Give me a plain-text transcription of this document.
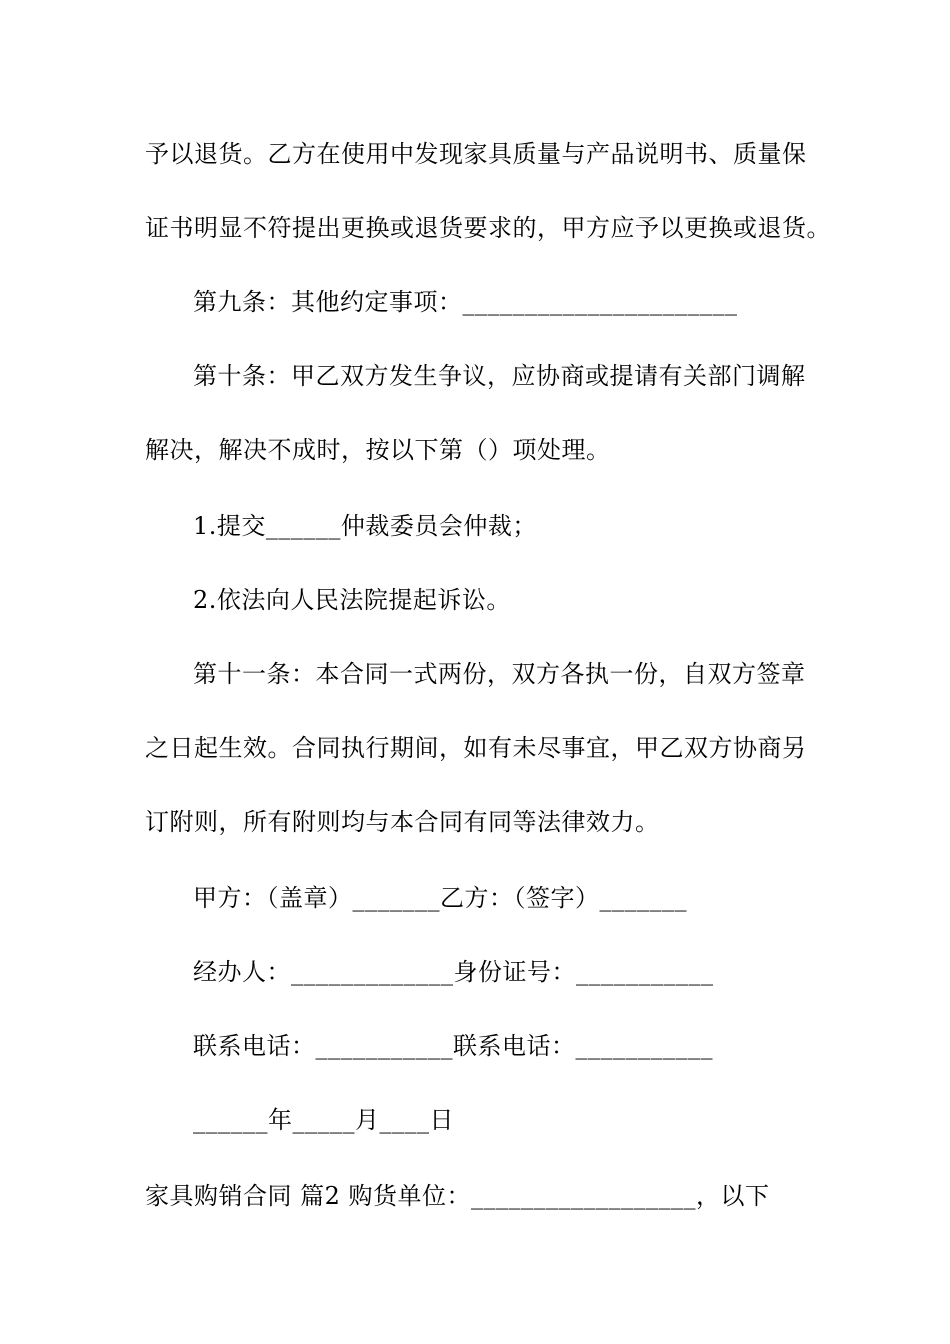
予以退货。乙方在使用中发现家具质量与产品说明书、质量保
证书明显不符提出更换或退货要求的，甲方应予以更换或退货。
第九条：其他约定事项：______________________
第十条：甲乙双方发生争议，应协商或提请有关部门调解
解决，解决不成时，按以下第（）项处理。
1.提交______仲裁委员会仲裁；
2.依法向人民法院提起诉讼。
第十一条：本合同一式两份，双方各执一份，自双方签章
之日起生效。合同执行期间，如有未尽事宜，甲乙双方协商另
订附则，所有附则均与本合同有同等法律效力。
甲方：（盖章）_______乙方：（签字）_______
经办人：_____________身份证号：___________
联系电话：___________联系电话：___________
______年_____月____日
家具购销合同 篇2 购货单位：__________________，以下
